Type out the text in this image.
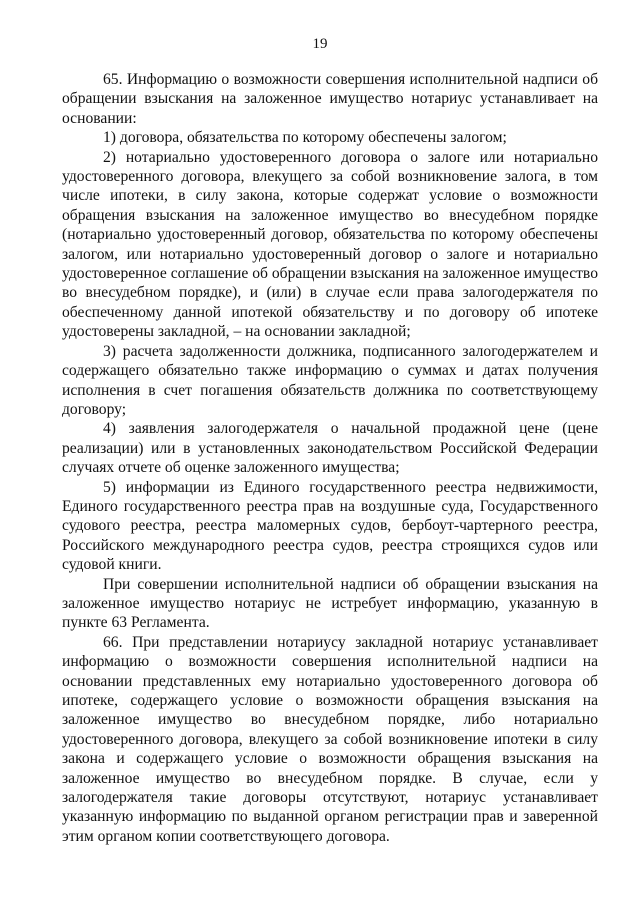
19

65. Информацию о возможности совершения исполнительной надписи об обращении взыскания на заложенное имущество нотариус устанавливает на основании:

1) договора, обязательства по которому обеспечены залогом;

2) нотариально удостоверенного договора о залоге или нотариально удостоверенного договора, влекущего за собой возникновение залога, в том числе ипотеки, в силу закона, которые содержат условие о возможности обращения взыскания на заложенное имущество во внесудебном порядке (нотариально удостоверенный договор, обязательства по которому обеспечены залогом, или нотариально удостоверенный договор о залоге и нотариально удостоверенное соглашение об обращении взыскания на заложенное имущество во внесудебном порядке), и (или) в случае если права залогодержателя по обеспеченному данной ипотекой обязательству и по договору об ипотеке удостоверены закладной, – на основании закладной;

3) расчета задолженности должника, подписанного залогодержателем и содержащего обязательно также информацию о суммах и датах получения исполнения в счет погашения обязательств должника по соответствующему договору;

4) заявления залогодержателя о начальной продажной цене (цене реализации) или в установленных законодательством Российской Федерации случаях отчете об оценке заложенного имущества;

5) информации из Единого государственного реестра недвижимости, Единого государственного реестра прав на воздушные суда, Государственного судового реестра, реестра маломерных судов, бербоут-чартерного реестра, Российского международного реестра судов, реестра строящихся судов или судовой книги.

При совершении исполнительной надписи об обращении взыскания на заложенное имущество нотариус не истребует информацию, указанную в пункте 63 Регламента.

66. При представлении нотариусу закладной нотариус устанавливает информацию о возможности совершения исполнительной надписи на основании представленных ему нотариально удостоверенного договора об ипотеке, содержащего условие о возможности обращения взыскания на заложенное имущество во внесудебном порядке, либо нотариально удостоверенного договора, влекущего за собой возникновение ипотеки в силу закона и содержащего условие о возможности обращения взыскания на заложенное имущество во внесудебном порядке. В случае, если у залогодержателя такие договоры отсутствуют, нотариус устанавливает указанную информацию по выданной органом регистрации прав и заверенной этим органом копии соответствующего договора.
